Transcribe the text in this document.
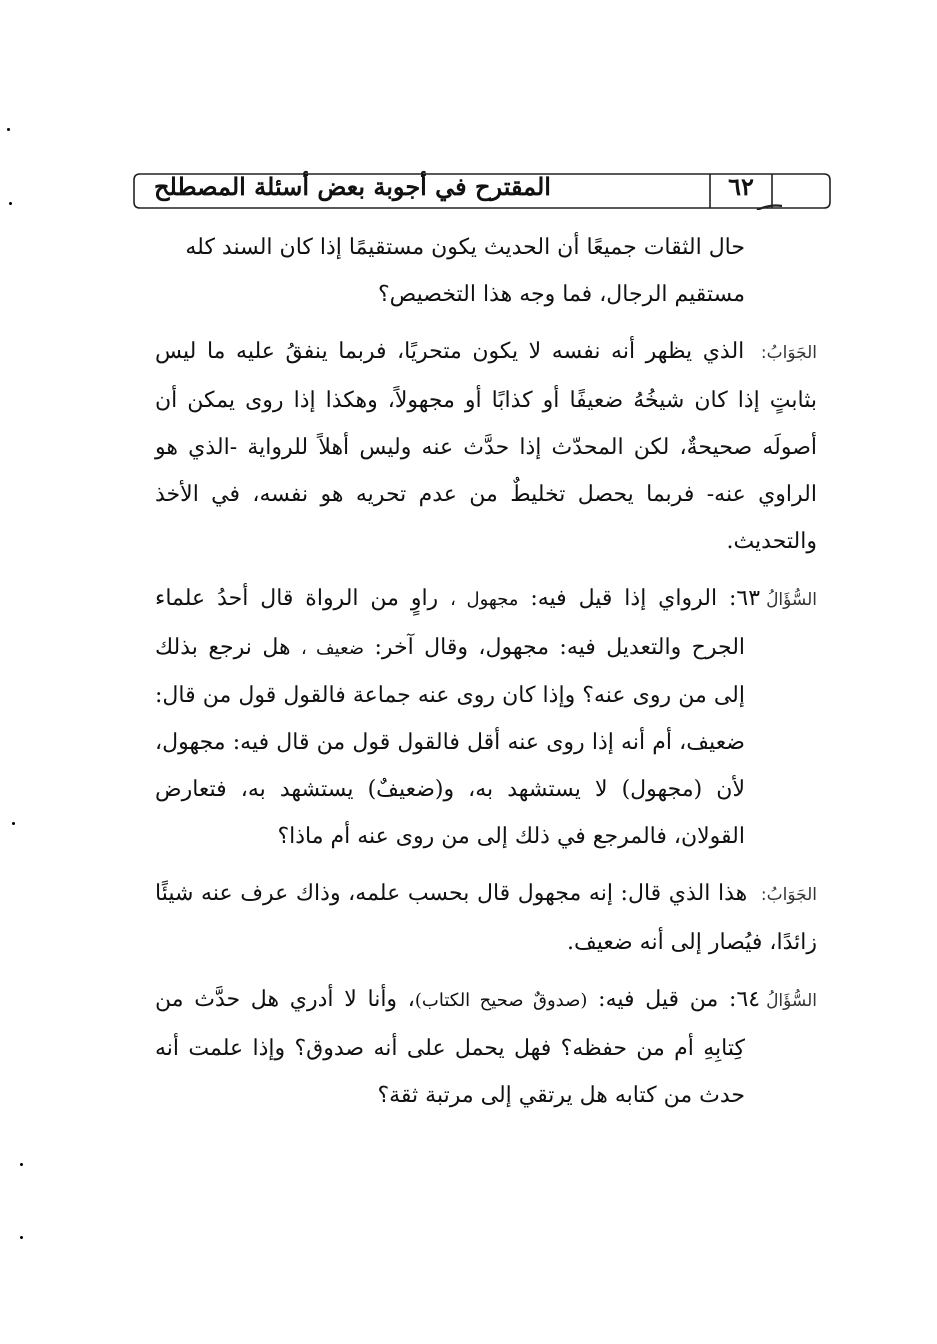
٦٢
المقترح في أجوبة بعض أسئلة المصطلح

حال الثقات جميعًا أن الحديث يكون مستقيمًا إذا كان السند كله
مستقيم الرجال، فما وجه هذا التخصيص؟

الجَوَابُ: الذي يظهر أنه نفسه لا يكون متحريًا، فربما ينفقُ عليه ما ليس بثابتٍ إذا كان شيخُهُ ضعيفًا أو كذابًا أو مجهولاً، وهكذا إذا روى يمكن أن أصولَه صحيحةٌ، لكن المحدّث إذا حدَّث عنه وليس أهلاً للرواية -الذي هو الراوي عنه- فربما يحصل تخليطٌ من عدم تحريه هو نفسه، في الأخذ والتحديث.

السُّؤَالُ٦٣: الرواي إذا قيل فيه: مجهول ، راوٍ من الرواة قال أحدُ علماء الجرح والتعديل فيه: مجهول، وقال آخر: ضعيف ، هل نرجع بذلك إلى من روى عنه؟ وإذا كان روى عنه جماعة فالقول قول من قال: ضعيف، أم أنه إذا روى عنه أقل فالقول قول من قال فيه: مجهول، لأن (مجهول) لا يستشهد به، و(ضعيفٌ) يستشهد به، فتعارض القولان، فالمرجع في ذلك إلى من روى عنه أم ماذا؟

الجَوَابُ: هذا الذي قال: إنه مجهول قال بحسب علمه، وذاك عرف عنه شيئًا زائدًا، فيُصار إلى أنه ضعيف.

السُّؤَالُ٦٤: من قيل فيه: (صدوقٌ صحيح الكتاب)، وأنا لا أدري هل حدَّث من كِتابِهِ أم من حفظه؟ فهل يحمل على أنه صدوق؟ وإذا علمت أنه حدث من كتابه هل يرتقي إلى مرتبة ثقة؟
